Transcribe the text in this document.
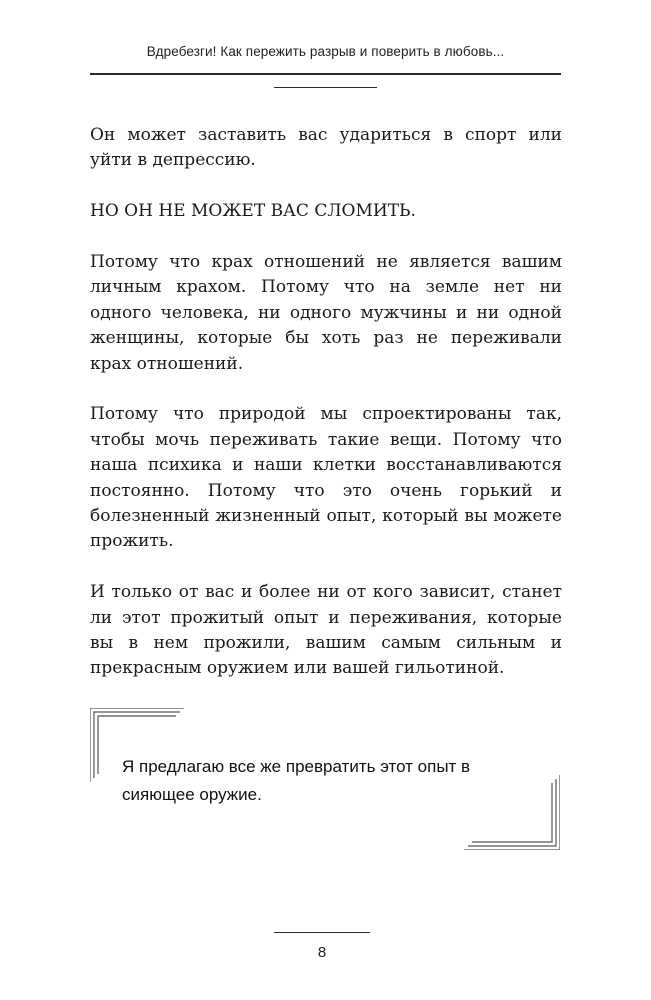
Вдребезги! Как пережить разрыв и поверить в любовь...

Он может заставить вас удариться в спорт или уйти в депрессию.

НО ОН НЕ МОЖЕТ ВАС СЛОМИТЬ.

Потому что крах отношений не является вашим личным крахом. Потому что на земле нет ни одного человека, ни одного мужчины и ни одной женщины, которые бы хоть раз не переживали крах отношений.

Потому что природой мы спроектированы так, чтобы мочь переживать такие вещи. Потому что наша психика и наши клетки восстанавливаются постоянно. Потому что это очень горький и болезненный жизненный опыт, который вы можете прожить.

И только от вас и более ни от кого зависит, станет ли этот прожитый опыт и переживания, которые вы в нем прожили, вашим самым сильным и прекрасным оружием или вашей гильотиной.

Я предлагаю все же превратить этот опыт в сияющее оружие.
8
